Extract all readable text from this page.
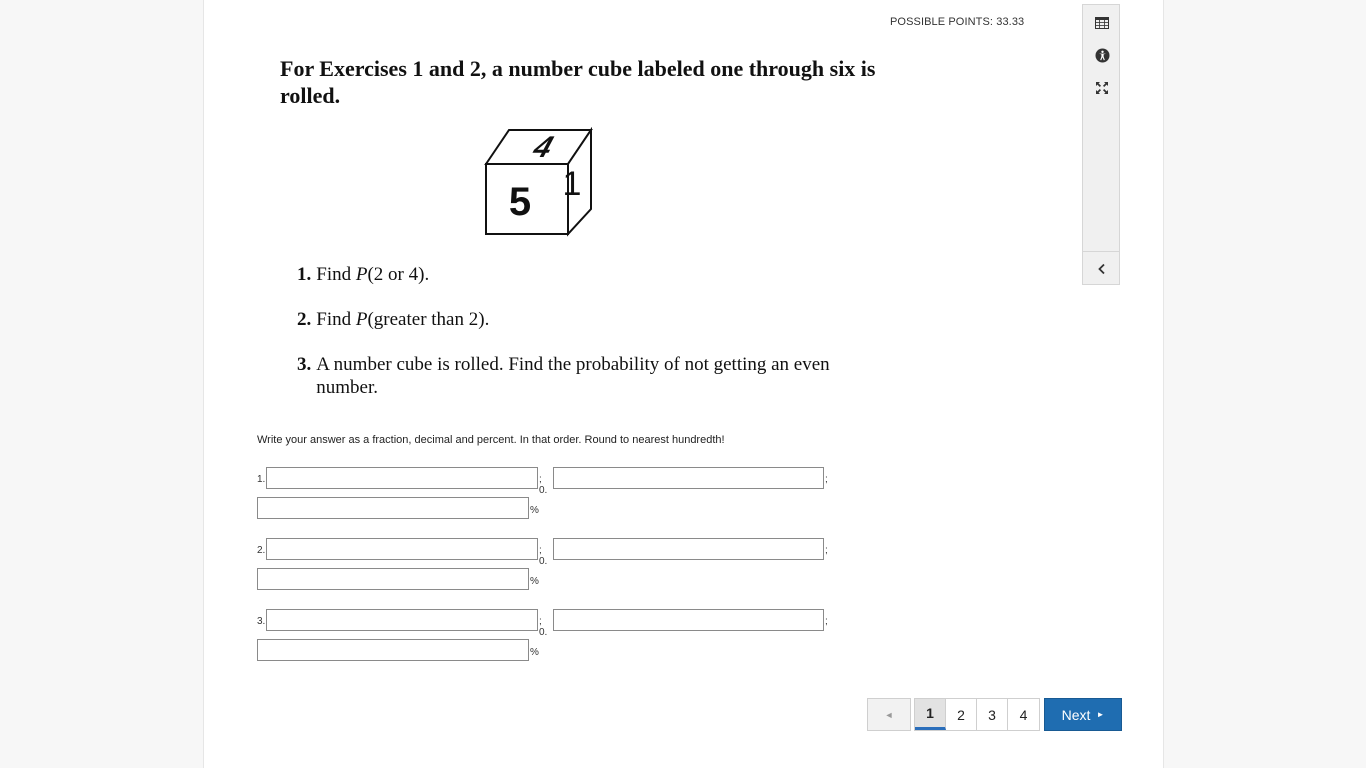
POSSIBLE POINTS: 33.33
For Exercises 1 and 2, a number cube labeled one through six is rolled.
4
5 1
1. Find P(2 or 4).
2. Find P(greater than 2).
3. A number cube is rolled. Find the probability of not getting an even number.
Write your answer as a fraction, decimal and percent. In that order. Round to nearest hundredth!
1.	; 0.
;
%
2.	; 0.
;
%
3.	; 0.
;
%
◄	1	2	3	4	Next ►
